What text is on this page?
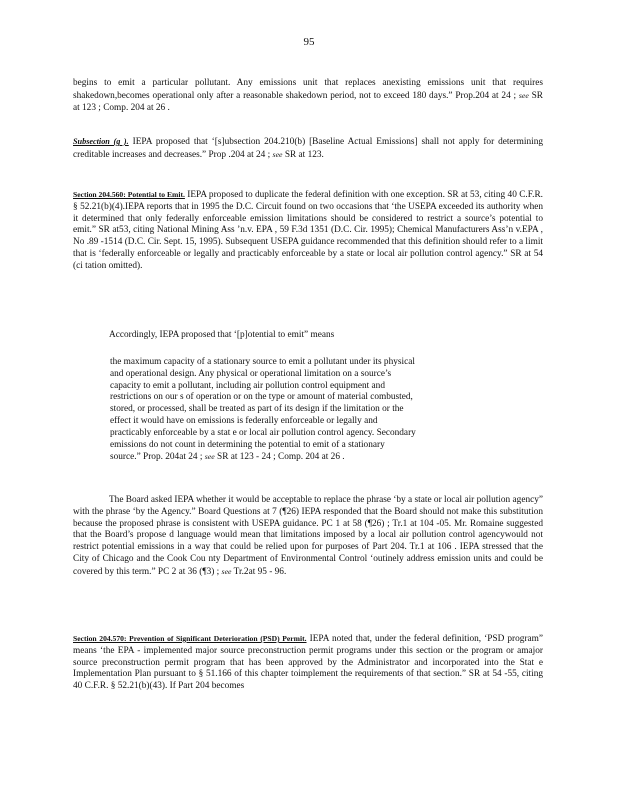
95

begins to emit a particular pollutant. Any emissions unit that replaces anexisting emissions unit that requires shakedown,becomes operational only after a reasonable shakedown period, not to exceed 180 days.” Prop.204 at 24 ; see SR at 123 ; Comp. 204 at 26 .

Subsection (g ). IEPA proposed that ‘[s]ubsection 204.210(b) [Baseline Actual Emissions] shall not apply for determining creditable increases and decreases.” Prop .204 at 24 ; see SR at 123.

Section 204.560: Potential to Emit. IEPA proposed to duplicate the federal definition with one exception. SR at 53, citing 40 C.F.R. § 52.21(b)(4).IEPA reports that in 1995 the D.C. Circuit found on two occasions that ‘the USEPA exceeded its authority when it determined that only federally enforceable emission limitations should be considered to restrict a source’s potential to emit.” SR at53, citing National Mining Ass ’n.v. EPA , 59 F.3d 1351 (D.C. Cir. 1995); Chemical Manufacturers Ass’n v.EPA , No .89 -1514 (D.C. Cir. Sept. 15, 1995). Subsequent USEPA guidance recommended that this definition should refer to a limit that is ‘federally enforceable or legally and practicably enforceable by a state or local air pollution control agency.” SR at 54 (ci tation omitted).

Accordingly, IEPA proposed that ‘[p]otential to emit” means

the maximum capacity of a stationary source to emit a pollutant under its physical
and operational design. Any physical or operational limitation on a source’s
capacity to emit a pollutant, including air pollution control equipment and
restrictions on our s of operation or on the type or amount of material combusted,
stored, or processed, shall be treated as part of its design if the limitation or the
effect it would have on emissions is federally enforceable or legally and
practicably enforceable by a stat e or local air pollution control agency. Secondary
emissions do not count in determining the potential to emit of a stationary
source.” Prop. 204at 24 ; see SR at 123 - 24 ; Comp. 204 at 26 .

The Board asked IEPA whether it would be acceptable to replace the phrase ‘by a state or local air pollution agency” with the phrase ‘by the Agency.” Board Questions at 7 (¶26) IEPA responded that the Board should not make this substitution because the proposed phrase is consistent with USEPA guidance. PC 1 at 58 (¶26) ; Tr.1 at 104 -05. Mr. Romaine suggested that the Board’s propose d language would mean that limitations imposed by a local air pollution control agencywould not restrict potential emissions in a way that could be relied upon for purposes of Part 204. Tr.1 at 106 . IEPA stressed that the City of Chicago and the Cook Cou nty Department of Environmental Control ‘outinely address emission units and could be covered by this term.” PC 2 at 36 (¶3) ; see Tr.2at 95 - 96.

Section 204.570: Prevention of Significant Deterioration (PSD) Permit. IEPA noted that, under the federal definition, ‘PSD program” means ‘the EPA - implemented major source preconstruction permit programs under this section or the program or amajor source preconstruction permit program that has been approved by the Administrator and incorporated into the Stat e Implementation Plan pursuant to § 51.166 of this chapter toimplement the requirements of that section.” SR at 54 -55, citing 40 C.F.R. § 52.21(b)(43). If Part 204 becomes
